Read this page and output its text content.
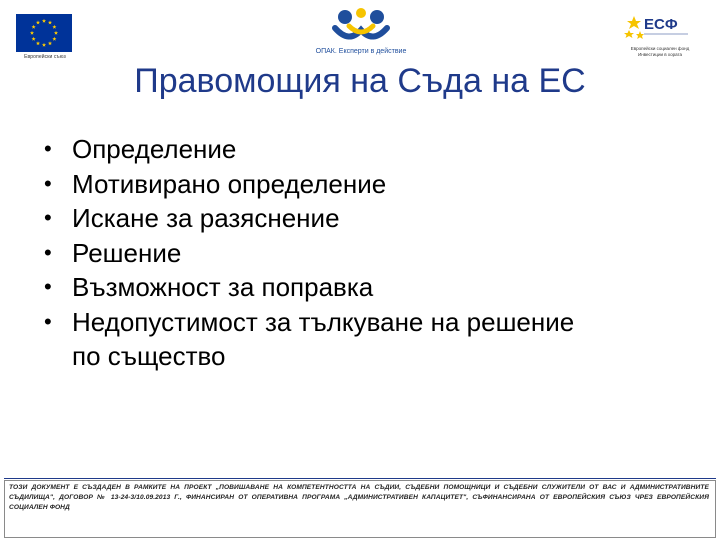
Европейски съюз
ОПАК. Експерти в действие
ЕСФ
Европейски социален фонд
Инвестиции в хората
Правомощия на Съда на ЕС
• Определение
• Мотивирано определение
• Искане за разяснение
• Решение
• Възможност за поправка
• Недопустимост за тълкуване на решение по същество
ТОЗИ ДОКУМЕНТ Е СЪЗДАДЕН В РАМКИТЕ НА ПРОЕКТ „ПОВИШАВАНЕ НА КОМПЕТЕНТНОСТТА НА СЪДИИ, СЪДЕБНИ ПОМОЩНИЦИ И СЪДЕБНИ СЛУЖИТЕЛИ ОТ ВАС И АДМИНИСТРАТИВНИТЕ СЪДИЛИЩА", ДОГОВОР № 13-24-3/10.09.2013 Г., ФИНАНСИРАН ОТ ОПЕРАТИВНА ПРОГРАМА „АДМИНИСТРАТИВЕН КАПАЦИТЕТ", СЪФИНАНСИРАНА ОТ ЕВРОПЕЙСКИЯ СЪЮЗ ЧРЕЗ ЕВРОПЕЙСКИЯ СОЦИАЛЕН ФОНД
